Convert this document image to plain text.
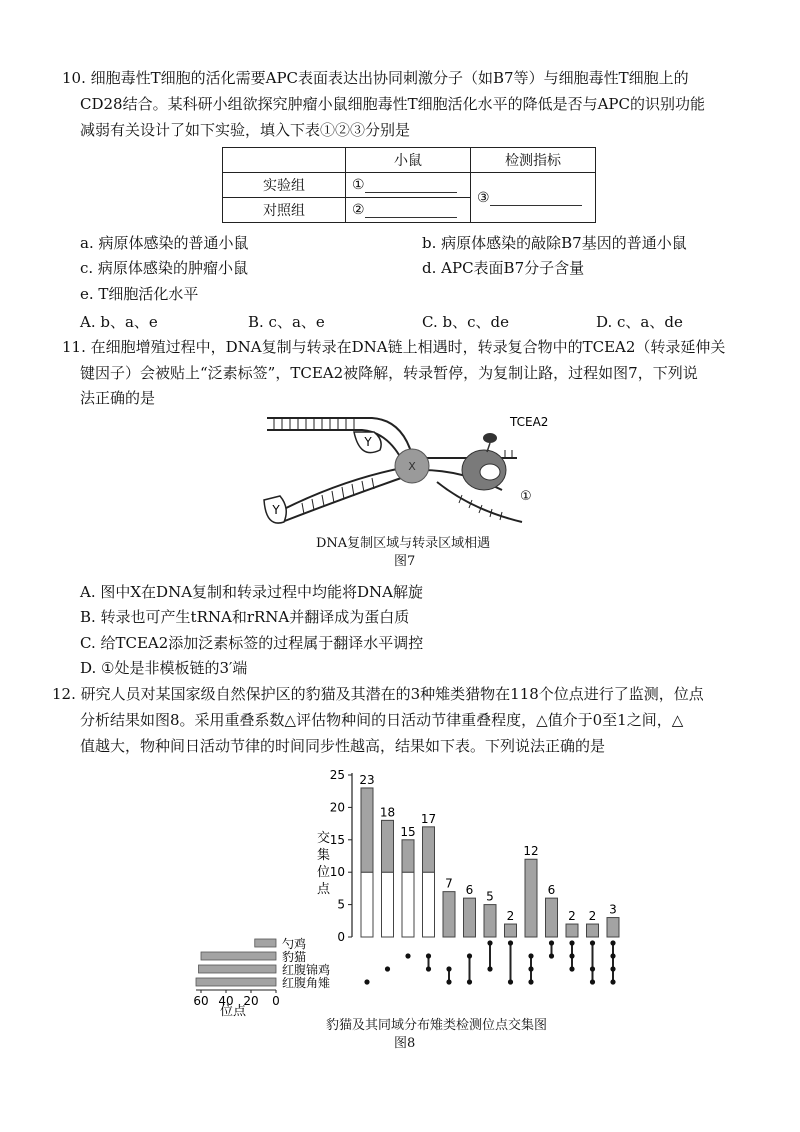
10. 细胞毒性T细胞的活化需要APC表面表达出协同刺激分子（如B7等）与细胞毒性T细胞上的
CD28结合。某科研小组欲探究肿瘤小鼠细胞毒性T细胞活化水平的降低是否与APC的识别功能
减弱有关设计了如下实验，填入下表①②③分别是
	小鼠	检测指标
实验组	①	③
对照组	②	
a. 病原体感染的普通小鼠	b. 病原体感染的敲除B7基因的普通小鼠
c. 病原体感染的肿瘤小鼠	d. APC表面B7分子含量
e. T细胞活化水平
A. b、a、e	B. c、a、e	C. b、c、de	D. c、a、de
11. 在细胞增殖过程中，DNA复制与转录在DNA链上相遇时，转录复合物中的TCEA2（转录延伸关
键因子）会被贴上“泛素标签”，TCEA2被降解，转录暂停，为复制让路，过程如图7，下列说
法正确的是
Y
Y
X
TCEA2
①
DNA复制区域与转录区域相遇
图7
A. 图中X在DNA复制和转录过程中均能将DNA解旋
B. 转录也可产生tRNA和rRNA并翻译成为蛋白质
C. 给TCEA2添加泛素标签的过程属于翻译水平调控
D. ①处是非模板链的3′端
12. 研究人员对某国家级自然保护区的豹猫及其潜在的3种雉类猎物在118个位点进行了监测，位点
分析结果如图8。采用重叠系数△评估物种间的日活动节律重叠程度，△值介于0至1之间，△
值越大，物种间日活动节律的时间同步性越高，结果如下表。下列说法正确的是
交集位点
位点
0
5
10
15
20
25 23
18
15
17
7 6 5
2
12
6
2 2 3
勺鸡
豹猫
红腹锦鸡
红腹角雉
60 40 20 0
豹猫及其同域分布雉类检测位点交集图
图8
